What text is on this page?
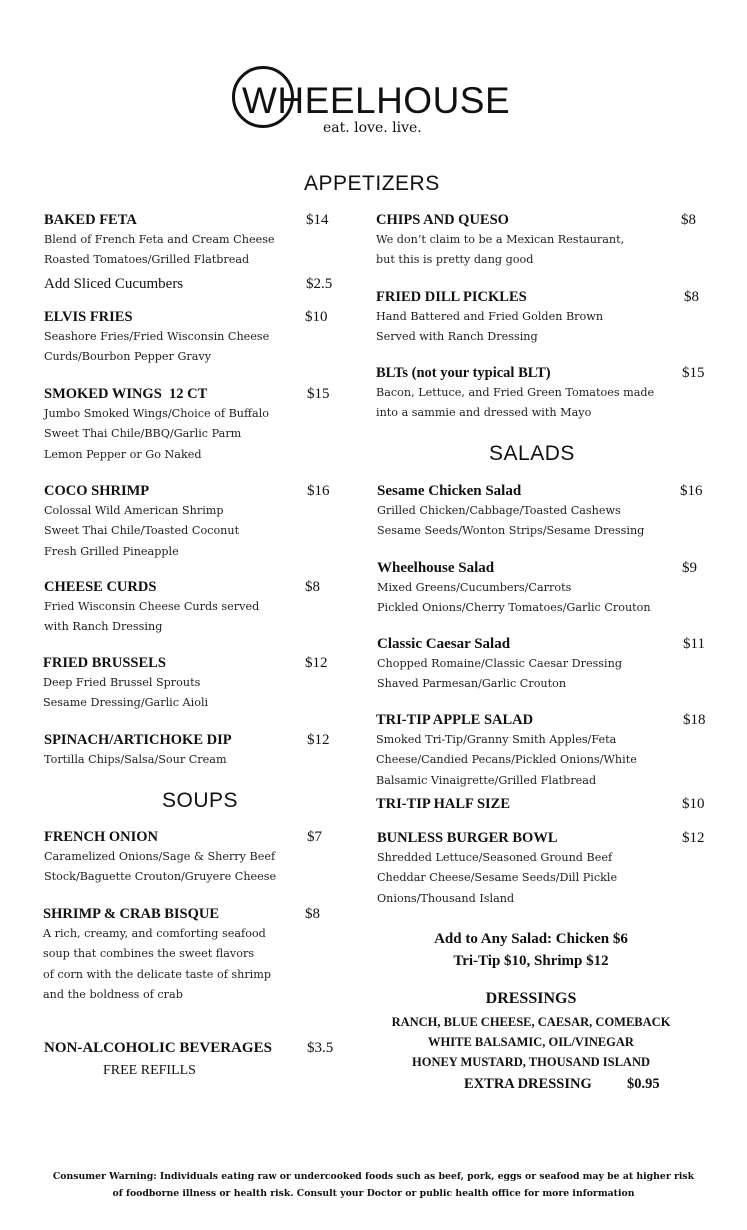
WHEELHOUSE
eat. love. live.
APPETIZERS
SOUPS
SALADS
BAKED FETA	$14
Blend of French Feta and Cream Cheese
Roasted Tomatoes/Grilled Flatbread
Add Sliced Cucumbers	$2.5
ELVIS FRIES	$10
Seashore Fries/Fried Wisconsin Cheese
Curds/Bourbon Pepper Gravy
SMOKED WINGS  12 CT	$15
Jumbo Smoked Wings/Choice of Buffalo
Sweet Thai Chile/BBQ/Garlic Parm
Lemon Pepper or Go Naked
COCO SHRIMP	$16
Colossal Wild American Shrimp
Sweet Thai Chile/Toasted Coconut
Fresh Grilled Pineapple
CHEESE CURDS	$8
Fried Wisconsin Cheese Curds served
with Ranch Dressing
FRIED BRUSSELS	$12
Deep Fried Brussel Sprouts
Sesame Dressing/Garlic Aioli
SPINACH/ARTICHOKE DIP	$12
Tortilla Chips/Salsa/Sour Cream
FRENCH ONION	$7
Caramelized Onions/Sage & Sherry Beef
Stock/Baguette Crouton/Gruyere Cheese
SHRIMP & CRAB BISQUE	$8
A rich, creamy, and comforting seafood
soup that combines the sweet flavors
of corn with the delicate taste of shrimp
and the boldness of crab
NON-ALCOHOLIC BEVERAGES $3.5
FREE REFILLS
CHIPS AND QUESO	$8
We don’t claim to be a Mexican Restaurant,
but this is pretty dang good
FRIED DILL PICKLES	$8
Hand Battered and Fried Golden Brown
Served with Ranch Dressing
BLTs (not your typical BLT)	$15
Bacon, Lettuce, and Fried Green Tomatoes made
into a sammie and dressed with Mayo
Sesame Chicken Salad	$16
Grilled Chicken/Cabbage/Toasted Cashews
Sesame Seeds/Wonton Strips/Sesame Dressing
Wheelhouse Salad	$9
Mixed Greens/Cucumbers/Carrots
Pickled Onions/Cherry Tomatoes/Garlic Crouton
Classic Caesar Salad	$11
Chopped Romaine/Classic Caesar Dressing
Shaved Parmesan/Garlic Crouton
TRI-TIP APPLE SALAD	$18
Smoked Tri-Tip/Granny Smith Apples/Feta
Cheese/Candied Pecans/Pickled Onions/White
Balsamic Vinaigrette/Grilled Flatbread
TRI-TIP HALF SIZE	$10
BUNLESS BURGER BOWL	$12
Shredded Lettuce/Seasoned Ground Beef
Cheddar Cheese/Sesame Seeds/Dill Pickle
Onions/Thousand Island
Add to Any Salad: Chicken $6
Tri-Tip $10, Shrimp $12
DRESSINGS
RANCH, BLUE CHEESE, CAESAR, COMEBACK
WHITE BALSAMIC, OIL/VINEGAR
HONEY MUSTARD, THOUSAND ISLAND
EXTRA DRESSING $0.95
Consumer Warning: Individuals eating raw or undercooked foods such as beef, pork, eggs or seafood may be at higher risk
of foodborne illness or health risk. Consult your Doctor or public health office for more information
